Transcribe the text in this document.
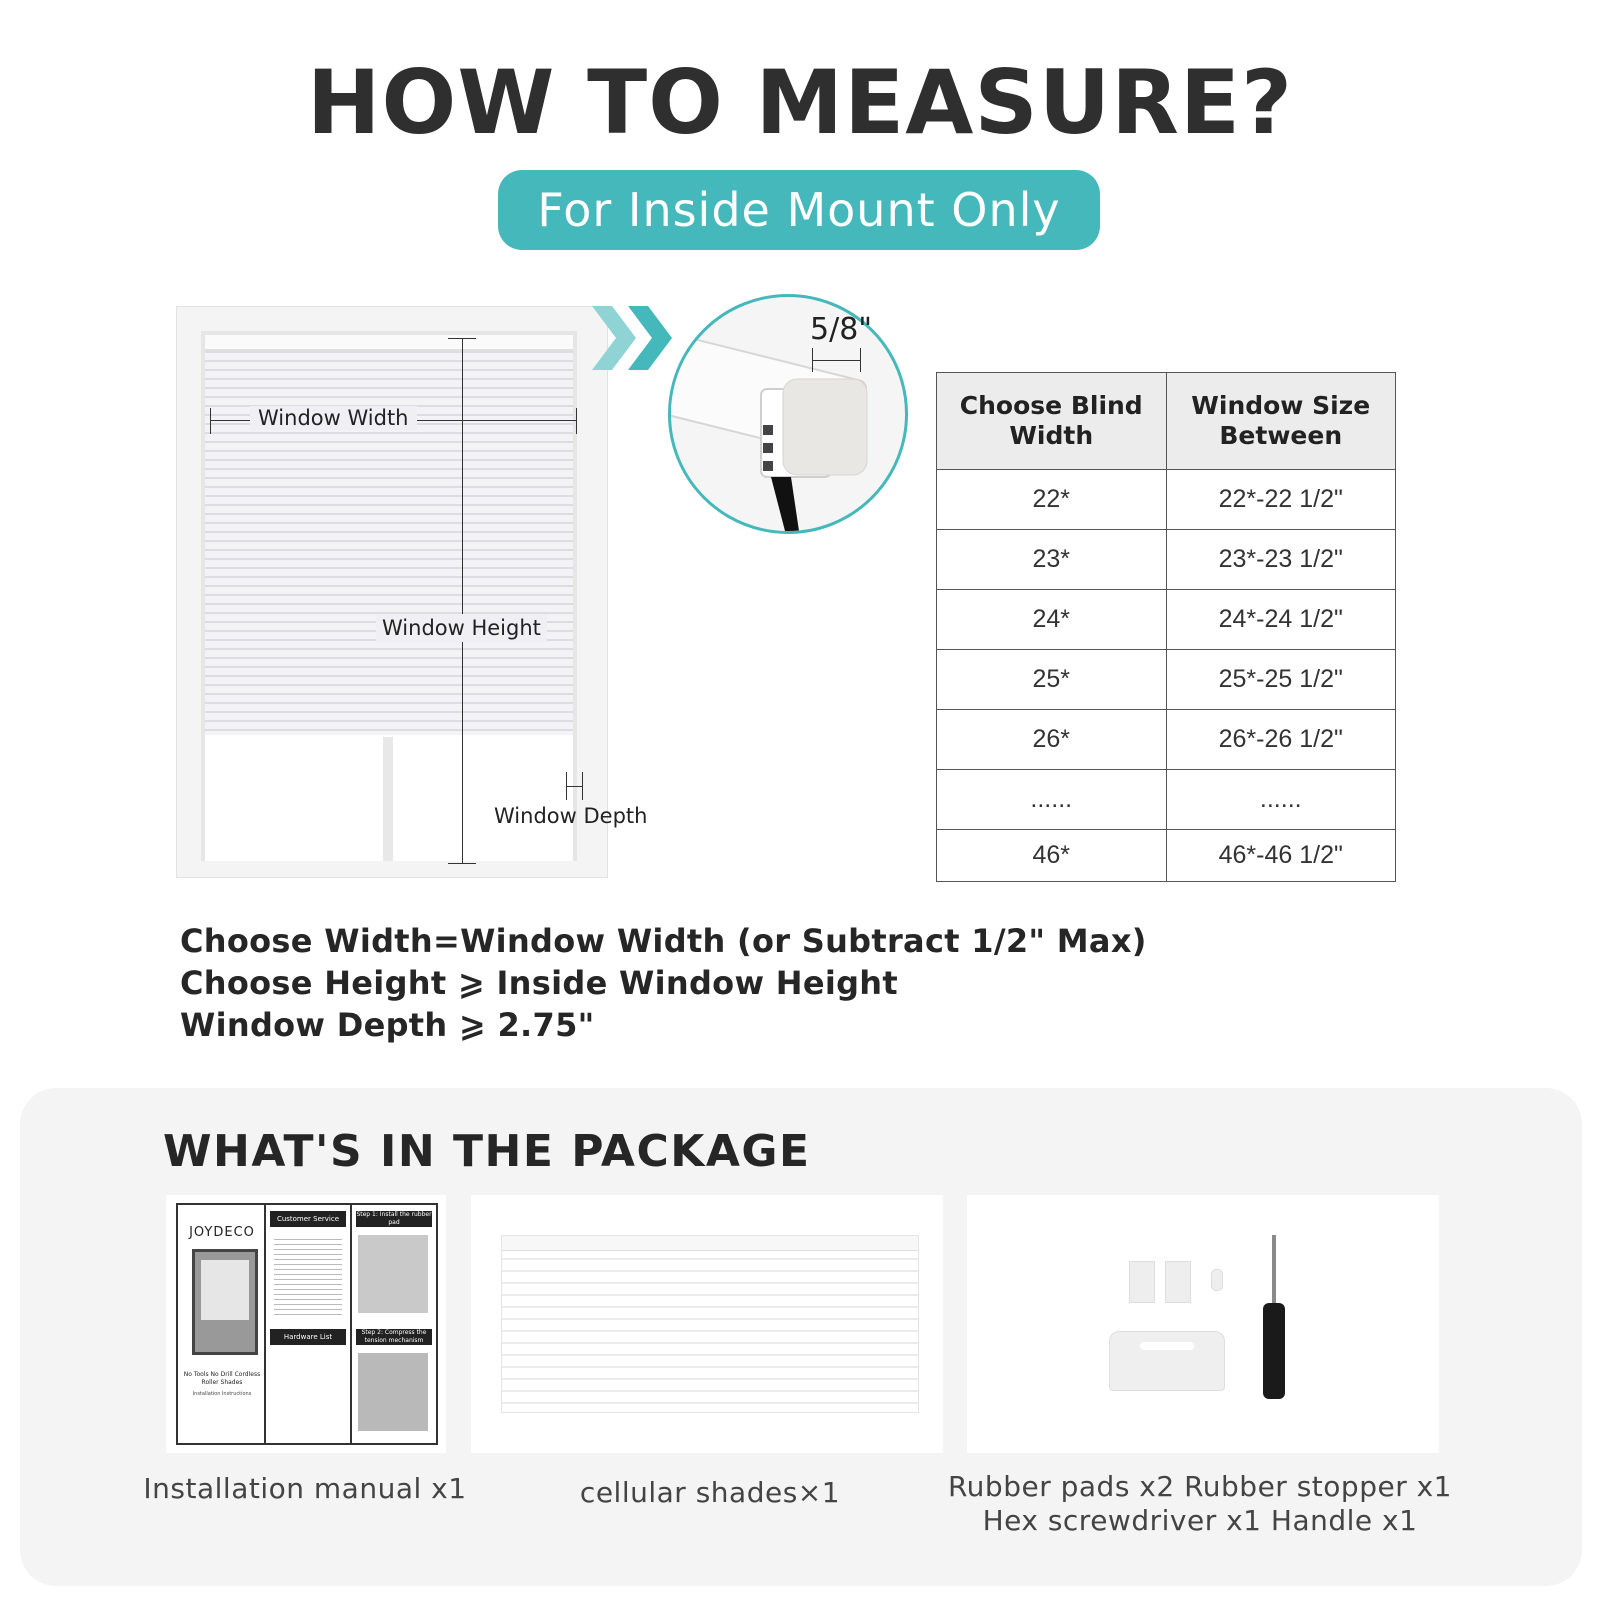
HOW TO MEASURE?
For Inside Mount Only
Window Width
Window Height
Window Depth
5/8"
Choose Blind Width	Window Size Between
22*	22*-22 1/2"
23*	23*-23 1/2"
24*	24*-24 1/2"
25*	25*-25 1/2"
26*	26*-26 1/2"
......	......
46*	46*-46 1/2"
Choose Width=Window Width (or Subtract 1/2" Max)
Choose Height ⩾ Inside Window Height
Window Depth ⩾ 2.75"
WHAT'S IN THE PACKAGE
JOYDECO
No Tools No Drill Cordless Roller Shades
Installation Instructions
Customer Service
Hardware List
Step 1: Install the rubber pad
Step 2: Compress the tension mechanism
Installation manual x1	cellular shades×1	Rubber pads x2 Rubber stopper x1
Hex screwdriver x1 Handle x1
